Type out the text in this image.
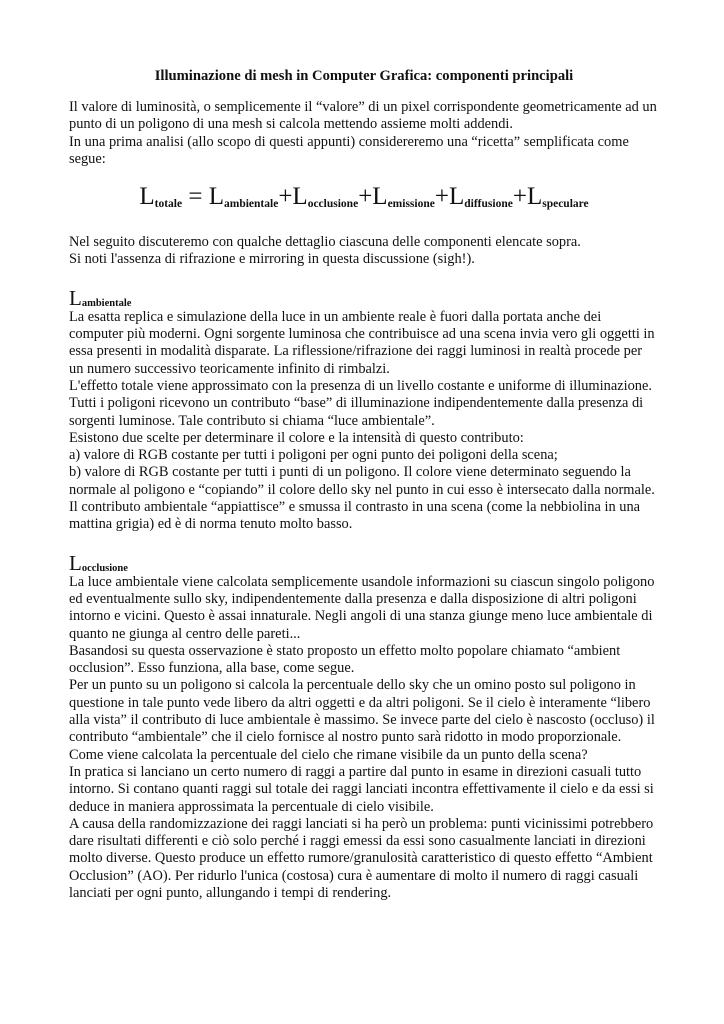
Illuminazione di mesh in Computer Grafica: componenti principali

Il valore di luminosità, o semplicemente il “valore” di un pixel corrispondente geometricamente ad un punto di un poligono di una mesh si calcola mettendo assieme molti addendi.

In una prima analisi (allo scopo di questi appunti) considereremo una “ricetta” semplificata come segue:

$L_{totale} = L_{ambientale}+L_{occlusione}+L_{emissione}+L_{diffusione}+L_{speculare}$

Nel seguito discuteremo con qualche dettaglio ciascuna delle componenti elencate sopra.

Si noti l'assenza di rifrazione e mirroring in questa discussione (sigh!).

$L_{ambientale}$

La esatta replica e simulazione della luce in un ambiente reale è fuori dalla portata anche dei computer più moderni. Ogni sorgente luminosa che contribuisce ad una scena invia vero gli oggetti in essa presenti in modalità disparate. La riflessione/rifrazione dei raggi luminosi in realtà procede per un numero successivo teoricamente infinito di rimbalzi.

L'effetto totale viene approssimato con la presenza di un livello costante e uniforme di illuminazione. Tutti i poligoni ricevono un contributo “base” di illuminazione indipendentemente dalla presenza di sorgenti luminose. Tale contributo si chiama “luce ambientale”.

Esistono due scelte per determinare il colore e la intensità di questo contributo:

a) valore di RGB costante per tutti i poligoni per ogni punto dei poligoni della scena;

b) valore di RGB costante per tutti i punti di un poligono. Il colore viene determinato seguendo la normale al poligono e “copiando” il colore dello sky nel punto in cui esso è intersecato dalla normale.

Il contributo ambientale “appiattisce” e smussa il contrasto in una scena (come la nebbiolina in una mattina grigia) ed è di norma tenuto molto basso.

$L_{occlusione}$

La luce ambientale viene calcolata semplicemente usandole informazioni su ciascun singolo poligono ed eventualmente sullo sky, indipendentemente dalla presenza e dalla disposizione di altri poligoni intorno e vicini. Questo è assai innaturale. Negli angoli di una stanza giunge meno luce ambientale di quanto ne giunga al centro delle pareti...

Basandosi su questa osservazione è stato proposto un effetto molto popolare chiamato “ambient occlusion”. Esso funziona, alla base, come segue.

Per un punto su un poligono si calcola la percentuale dello sky che un omino posto sul poligono in questione in tale punto vede libero da altri oggetti e da altri poligoni. Se il cielo è interamente “libero alla vista” il contributo di luce ambientale è massimo. Se invece parte del cielo è nascosto (occluso) il contributo “ambientale” che il cielo fornisce al nostro punto sarà ridotto in modo proporzionale.

Come viene calcolata la percentuale del cielo che rimane visibile da un punto della scena?

In pratica si lanciano un certo numero di raggi a partire dal punto in esame in direzioni casuali tutto intorno. Si contano quanti raggi sul totale dei raggi lanciati incontra effettivamente il cielo e da essi si deduce in maniera approssimata la percentuale di cielo visibile.

A causa della randomizzazione dei raggi lanciati si ha però un problema: punti vicinissimi potrebbero dare risultati differenti e ciò solo perché i raggi emessi da essi sono casualmente lanciati in direzioni molto diverse. Questo produce un effetto rumore/granulosità caratteristico di questo effetto “Ambient Occlusion” (AO). Per ridurlo l'unica (costosa) cura è aumentare di molto il numero di raggi casuali lanciati per ogni punto, allungando i tempi di rendering.
